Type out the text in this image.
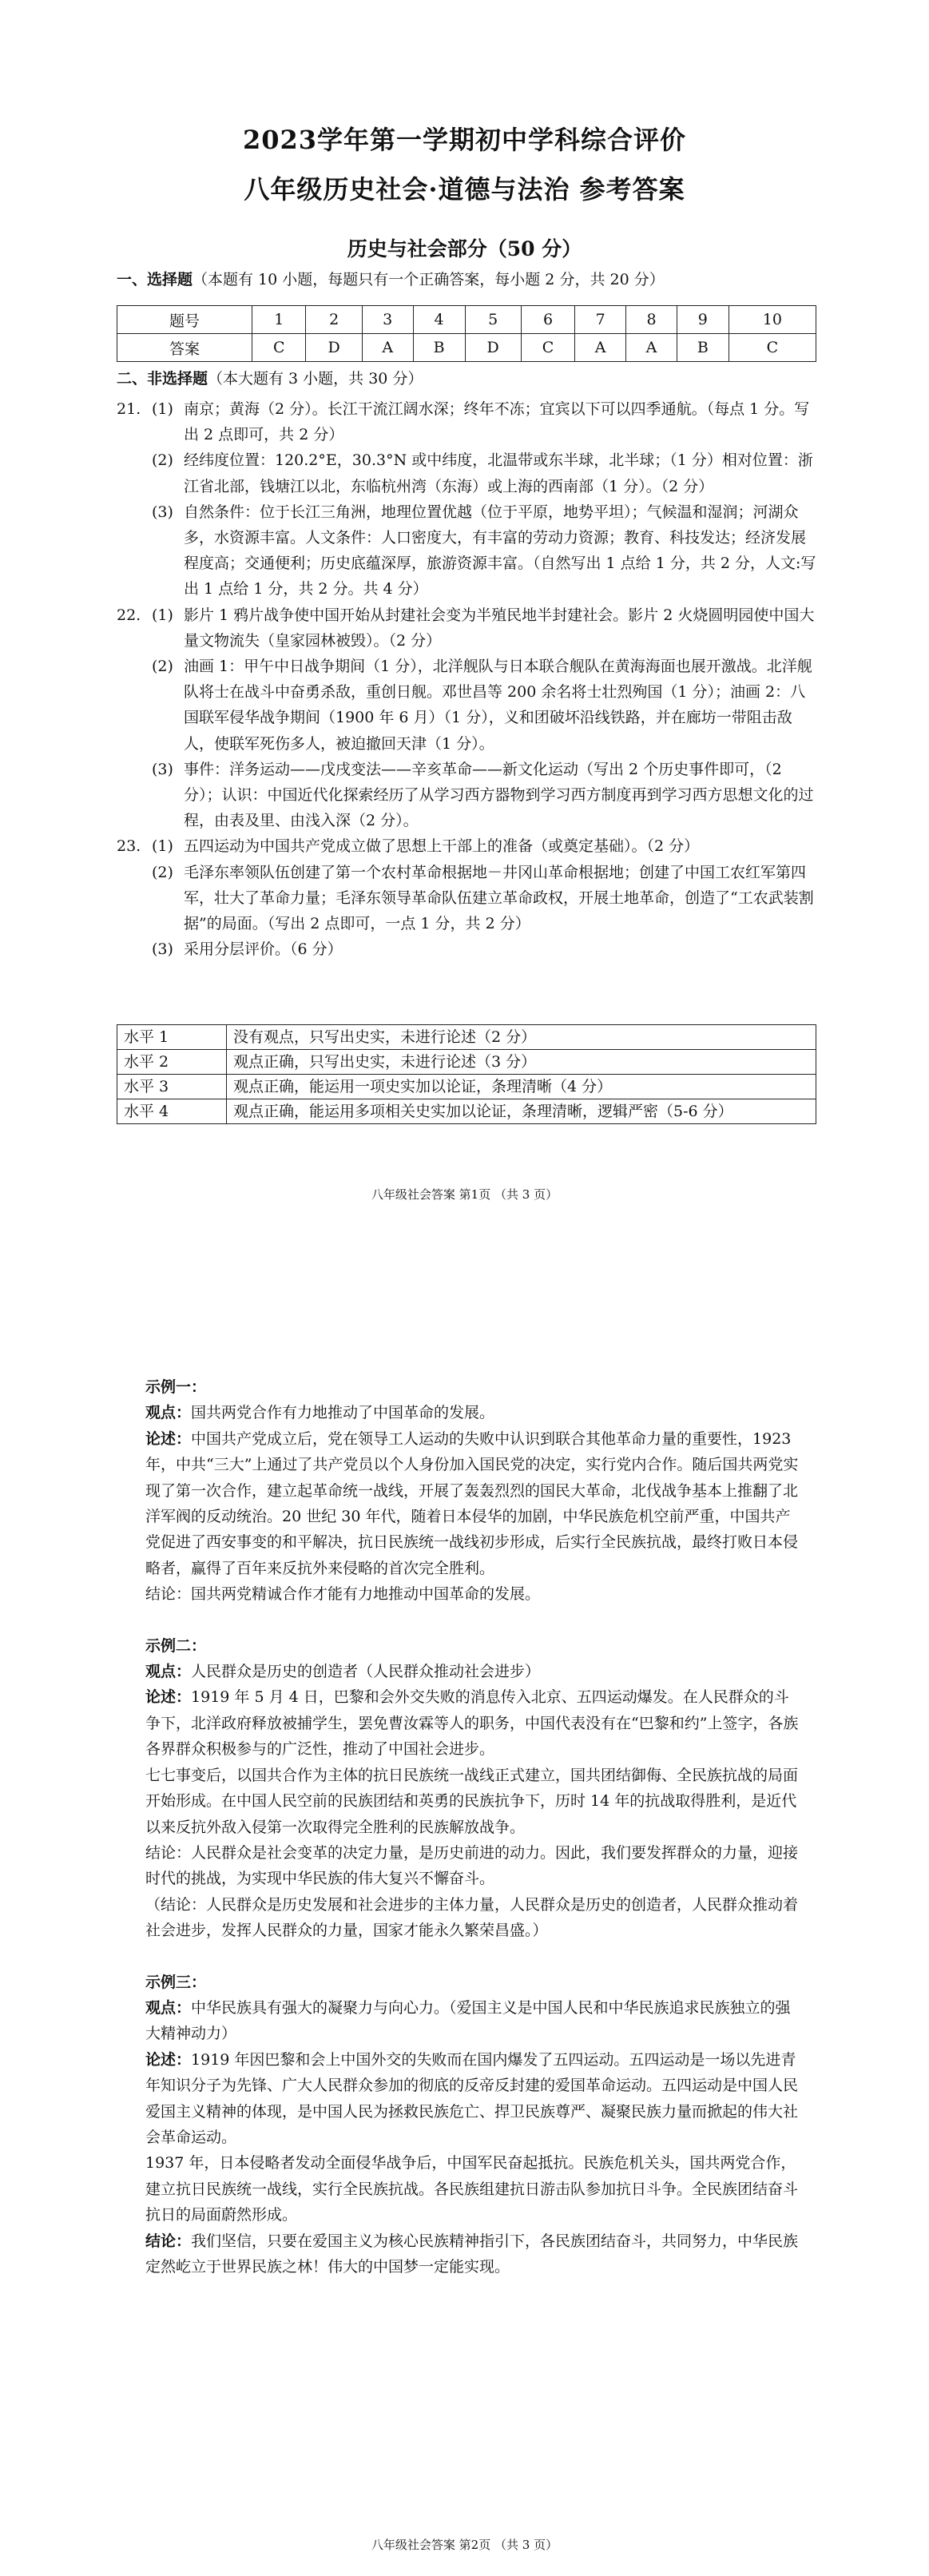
2023学年第一学期初中学科综合评价
八年级历史社会·道德与法治 参考答案
历史与社会部分（50 分）
一、选择题（本题有 10 小题，每题只有一个正确答案，每小题 2 分，共 20 分）
题号	1	2	3	4	5	6	7	8	9	10
答案	C	D	A	B	D	C	A	A	B	C
二、非选择题（本大题有 3 小题，共 30 分）
21. (1) 南京；黄海（2 分）。长江干流江阔水深；终年不冻；宜宾以下可以四季通航。（每点 1 分。写出 2 点即可，共 2 分）
(2) 经纬度位置：120.2°E，30.3°N 或中纬度，北温带或东半球，北半球；（1 分）相对位置：浙江省北部，钱塘江以北，东临杭州湾（东海）或上海的西南部（1 分）。（2 分）
(3) 自然条件：位于长江三角洲，地理位置优越（位于平原，地势平坦）；气候温和湿润；河湖众多，水资源丰富。人文条件：人口密度大，有丰富的劳动力资源；教育、科技发达；经济发展程度高；交通便利；历史底蕴深厚，旅游资源丰富。（自然写出 1 点给 1 分，共 2 分，人文:写出 1 点给 1 分，共 2 分。共 4 分）
22. (1) 影片 1 鸦片战争使中国开始从封建社会变为半殖民地半封建社会。影片 2 火烧圆明园使中国大量文物流失（皇家园林被毁）。（2 分）
(2) 油画 1：甲午中日战争期间（1 分），北洋舰队与日本联合舰队在黄海海面也展开激战。北洋舰队将士在战斗中奋勇杀敌，重创日舰。邓世昌等 200 余名将士壮烈殉国（1 分）；油画 2：八国联军侵华战争期间（1900 年 6 月）（1 分），义和团破坏沿线铁路，并在廊坊一带阻击敌人，使联军死伤多人，被迫撤回天津（1 分）。
(3) 事件：洋务运动——戊戌变法——辛亥革命——新文化运动（写出 2 个历史事件即可，（2 分）；认识：中国近代化探索经历了从学习西方器物到学习西方制度再到学习西方思想文化的过程，由表及里、由浅入深（2 分）。
23. (1) 五四运动为中国共产党成立做了思想上干部上的准备（或奠定基础）。（2 分）
(2) 毛泽东率领队伍创建了第一个农村革命根据地－井冈山革命根据地；创建了中国工农红军第四军，壮大了革命力量；毛泽东领导革命队伍建立革命政权，开展土地革命，创造了“工农武装割据”的局面。（写出 2 点即可，一点 1 分，共 2 分）
(3) 采用分层评价。（6 分）
水平 1	没有观点，只写出史实，未进行论述（2 分）
水平 2	观点正确，只写出史实，未进行论述（3 分）
水平 3	观点正确，能运用一项史实加以论证，条理清晰（4 分）
水平 4	观点正确，能运用多项相关史实加以论证，条理清晰，逻辑严密（5-6 分）
八年级社会答案 第1页 （共 3 页）
示例一：
观点：国共两党合作有力地推动了中国革命的发展。
论述：中国共产党成立后，党在领导工人运动的失败中认识到联合其他革命力量的重要性，1923 年，中共“三大”上通过了共产党员以个人身份加入国民党的决定，实行党内合作。随后国共两党实现了第一次合作，建立起革命统一战线，开展了轰轰烈烈的国民大革命，北伐战争基本上推翻了北洋军阀的反动统治。20 世纪 30 年代，随着日本侵华的加剧，中华民族危机空前严重，中国共产党促进了西安事变的和平解决，抗日民族统一战线初步形成，后实行全民族抗战，最终打败日本侵略者，赢得了百年来反抗外来侵略的首次完全胜利。
结论：国共两党精诚合作才能有力地推动中国革命的发展。
示例二：
观点：人民群众是历史的创造者（人民群众推动社会进步）
论述：1919 年 5 月 4 日，巴黎和会外交失败的消息传入北京、五四运动爆发。在人民群众的斗争下，北洋政府释放被捕学生，罢免曹汝霖等人的职务，中国代表没有在“巴黎和约”上签字，各族各界群众积极参与的广泛性，推动了中国社会进步。
七七事变后，以国共合作为主体的抗日民族统一战线正式建立，国共团结御侮、全民族抗战的局面开始形成。在中国人民空前的民族团结和英勇的民族抗争下，历时 14 年的抗战取得胜利，是近代以来反抗外敌入侵第一次取得完全胜利的民族解放战争。
结论：人民群众是社会变革的决定力量，是历史前进的动力。因此，我们要发挥群众的力量，迎接时代的挑战，为实现中华民族的伟大复兴不懈奋斗。
（结论：人民群众是历史发展和社会进步的主体力量，人民群众是历史的创造者，人民群众推动着社会进步，发挥人民群众的力量，国家才能永久繁荣昌盛。）
示例三：
观点：中华民族具有强大的凝聚力与向心力。（爱国主义是中国人民和中华民族追求民族独立的强大精神动力）
论述：1919 年因巴黎和会上中国外交的失败而在国内爆发了五四运动。五四运动是一场以先进青年知识分子为先锋、广大人民群众参加的彻底的反帝反封建的爱国革命运动。五四运动是中国人民爱国主义精神的体现，是中国人民为拯救民族危亡、捍卫民族尊严、凝聚民族力量而掀起的伟大社会革命运动。
1937 年，日本侵略者发动全面侵华战争后，中国军民奋起抵抗。民族危机关头，国共两党合作，建立抗日民族统一战线，实行全民族抗战。各民族组建抗日游击队参加抗日斗争。全民族团结奋斗抗日的局面蔚然形成。
结论：我们坚信，只要在爱国主义为核心民族精神指引下，各民族团结奋斗，共同努力，中华民族定然屹立于世界民族之林！伟大的中国梦一定能实现。
八年级社会答案 第2页 （共 3 页）
